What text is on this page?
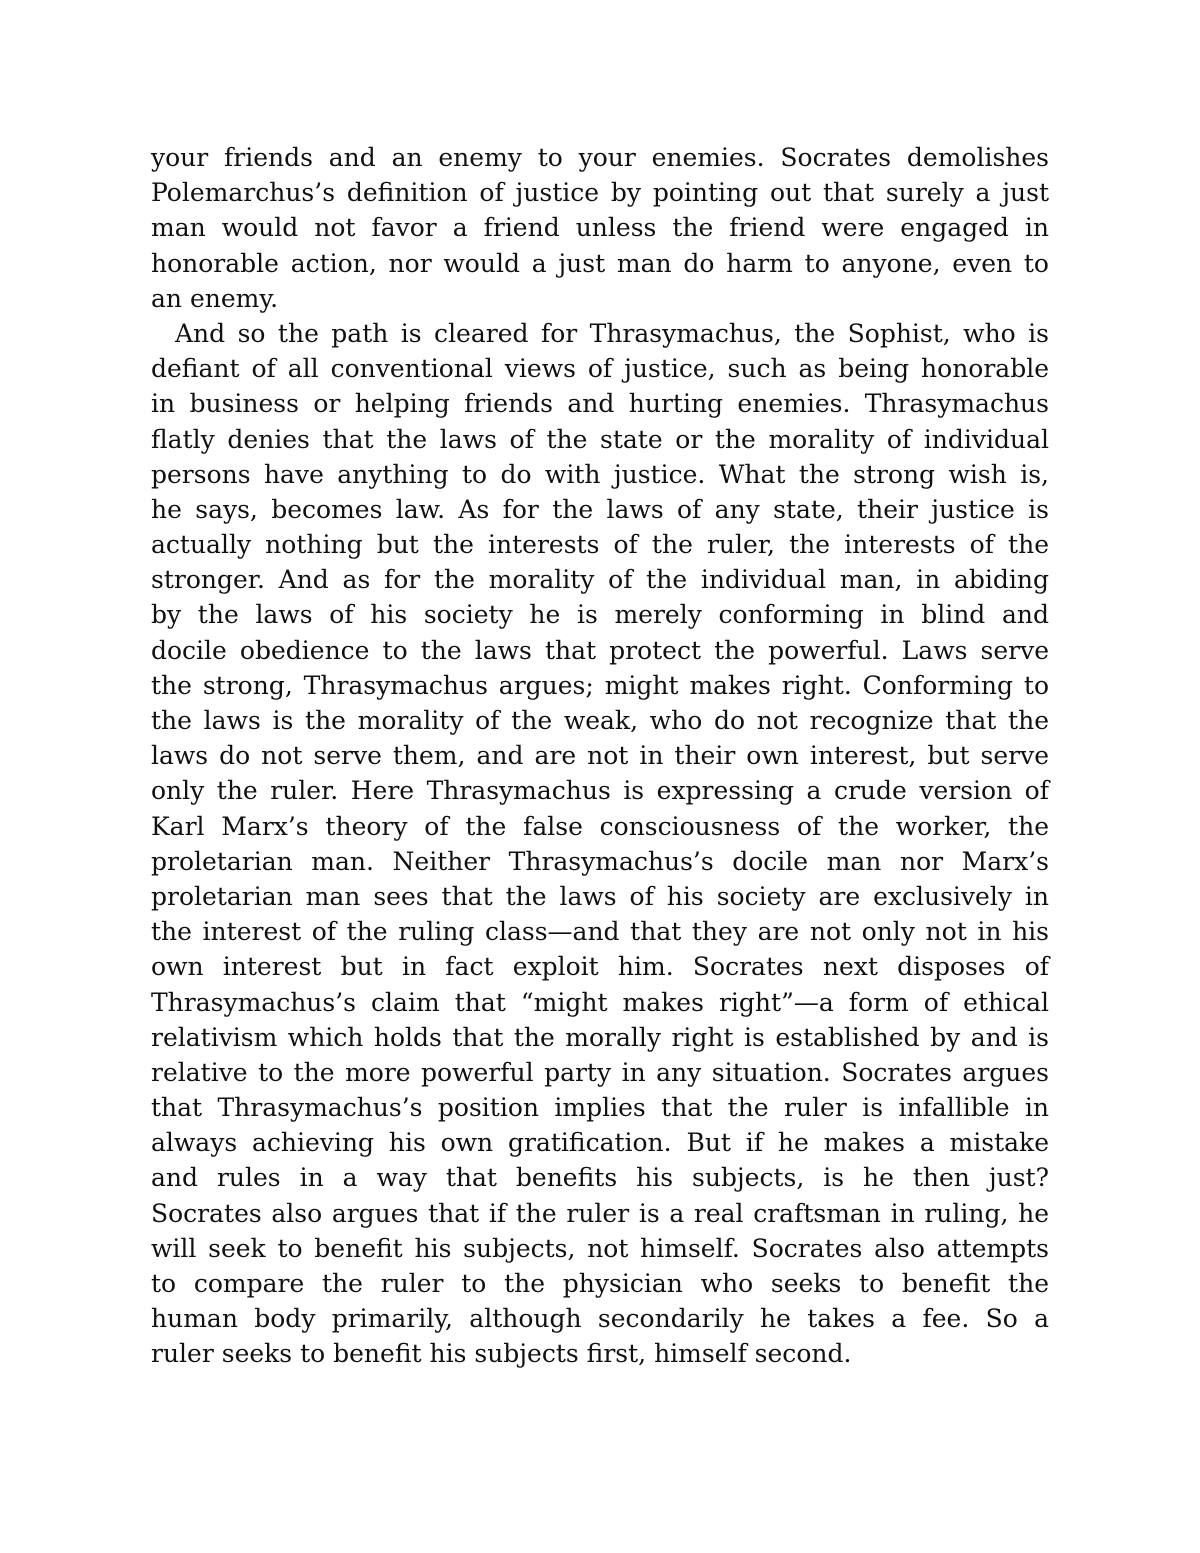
your friends and an enemy to your enemies. Socrates demolishes
Polemarchus’s definition of justice by pointing out that surely a just
man would not favor a friend unless the friend were engaged in
honorable action, nor would a just man do harm to anyone, even to
an enemy.
And so the path is cleared for Thrasymachus, the Sophist, who is
defiant of all conventional views of justice, such as being honorable
in business or helping friends and hurting enemies. Thrasymachus
flatly denies that the laws of the state or the morality of individual
persons have anything to do with justice. What the strong wish is,
he says, becomes law. As for the laws of any state, their justice is
actually nothing but the interests of the ruler, the interests of the
stronger. And as for the morality of the individual man, in abiding
by the laws of his society he is merely conforming in blind and
docile obedience to the laws that protect the powerful. Laws serve
the strong, Thrasymachus argues; might makes right. Conforming to
the laws is the morality of the weak, who do not recognize that the
laws do not serve them, and are not in their own interest, but serve
only the ruler. Here Thrasymachus is expressing a crude version of
Karl Marx’s theory of the false consciousness of the worker, the
proletarian man. Neither Thrasymachus’s docile man nor Marx’s
proletarian man sees that the laws of his society are exclusively in
the interest of the ruling class—and that they are not only not in his
own interest but in fact exploit him. Socrates next disposes of
Thrasymachus’s claim that “might makes right”—a form of ethical
relativism which holds that the morally right is established by and is
relative to the more powerful party in any situation. Socrates argues
that Thrasymachus’s position implies that the ruler is infallible in
always achieving his own gratification. But if he makes a mistake
and rules in a way that benefits his subjects, is he then just?
Socrates also argues that if the ruler is a real craftsman in ruling, he
will seek to benefit his subjects, not himself. Socrates also attempts
to compare the ruler to the physician who seeks to benefit the
human body primarily, although secondarily he takes a fee. So a
ruler seeks to benefit his subjects first, himself second.
